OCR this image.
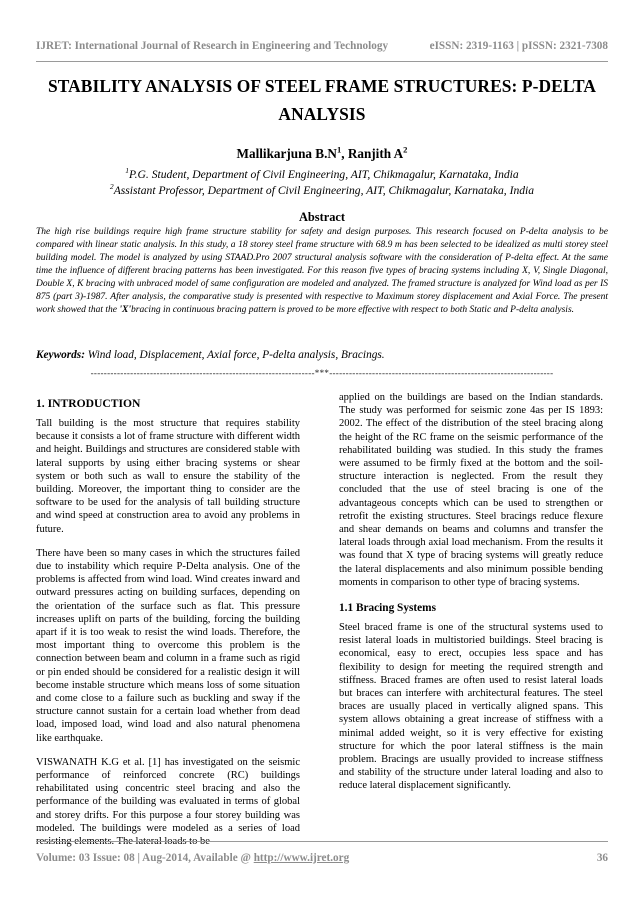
IJRET: International Journal of Research in Engineering and Technology	eISSN: 2319-1163 | pISSN: 2321-7308
STABILITY ANALYSIS OF STEEL FRAME STRUCTURES: P-DELTA ANALYSIS
Mallikarjuna $B.N^1$, Ranjith $A^2$
$^1$P.G. Student, Department of Civil Engineering, AIT, Chikmagalur, Karnataka, India
$^2$Assistant Professor, Department of Civil Engineering, AIT, Chikmagalur, Karnataka, India
Abstract

The high rise buildings require high frame structure stability for safety and design purposes. This research focused on P-delta analysis to be compared with linear static analysis. In this study, a 18 storey steel frame structure with 68.9 m has been selected to be idealized as multi storey steel building model. The model is analyzed by using STAAD.Pro 2007 structural analysis software with the consideration of P-delta effect. At the same time the influence of different bracing patterns has been investigated. For this reason five types of bracing systems including X, V, Single Diagonal, Double X, K bracing with unbraced model of same configuration are modeled and analyzed. The framed structure is analyzed for Wind load as per IS 875 (part 3)-1987. After analysis, the comparative study is presented with respective to Maximum storey displacement and Axial Force. The present work showed that the 'X'bracing in continuous bracing pattern is proved to be more effective with respect to both Static and P-delta analysis.

Keywords: Wind load, Displacement, Axial force, P-delta analysis, Bracings.

--------------------------------------------------------------------***--------------------------------------------------------------------
1. INTRODUCTION

Tall building is the most structure that requires stability because it consists a lot of frame structure with different width and height. Buildings and structures are considered stable with lateral supports by using either bracing systems or shear system or both such as wall to ensure the stability of the building. Moreover, the important thing to consider are the software to be used for the analysis of tall building structure and wind speed at construction area to avoid any problems in future.

There have been so many cases in which the structures failed due to instability which require P-Delta analysis. One of the problems is affected from wind load. Wind creates inward and outward pressures acting on building surfaces, depending on the orientation of the surface such as flat. This pressure increases uplift on parts of the building, forcing the building apart if it is too weak to resist the wind loads. Therefore, the most important thing to overcome this problem is the connection between beam and column in a frame such as rigid or pin ended should be considered for a realistic design it will become instable structure which means loss of some situation and come close to a failure such as buckling and sway if the structure cannot sustain for a certain load whether from dead load, imposed load, wind load and also natural phenomena like earthquake.

VISWANATH K.G et al. [1] has investigated on the seismic performance of reinforced concrete (RC) buildings rehabilitated using concentric steel bracing and also the performance of the building was evaluated in terms of global and storey drifts. For this purpose a four storey building was modeled. The buildings were modeled as a series of load resisting elements. The lateral loads to be

applied on the buildings are based on the Indian standards. The study was performed for seismic zone 4as per IS 1893: 2002. The effect of the distribution of the steel bracing along the height of the RC frame on the seismic performance of the rehabilitated building was studied. In this study the frames were assumed to be firmly fixed at the bottom and the soil-structure interaction is neglected. From the result they concluded that the use of steel bracing is one of the advantageous concepts which can be used to strengthen or retrofit the existing structures. Steel bracings reduce flexure and shear demands on beams and columns and transfer the lateral loads through axial load mechanism. From the results it was found that X type of bracing systems will greatly reduce the lateral displacements and also minimum possible bending moments in comparison to other type of bracing systems.

1.1 Bracing Systems

Steel braced frame is one of the structural systems used to resist lateral loads in multistoried buildings. Steel bracing is economical, easy to erect, occupies less space and has flexibility to design for meeting the required strength and stiffness. Braced frames are often used to resist lateral loads but braces can interfere with architectural features. The steel braces are usually placed in vertically aligned spans. This system allows obtaining a great increase of stiffness with a minimal added weight, so it is very effective for existing structure for which the poor lateral stiffness is the main problem. Bracings are usually provided to increase stiffness and stability of the structure under lateral loading and also to reduce lateral displacement significantly.

Volume: 03 Issue: 08 | Aug-2014, Available @ http://www.ijret.org	36
